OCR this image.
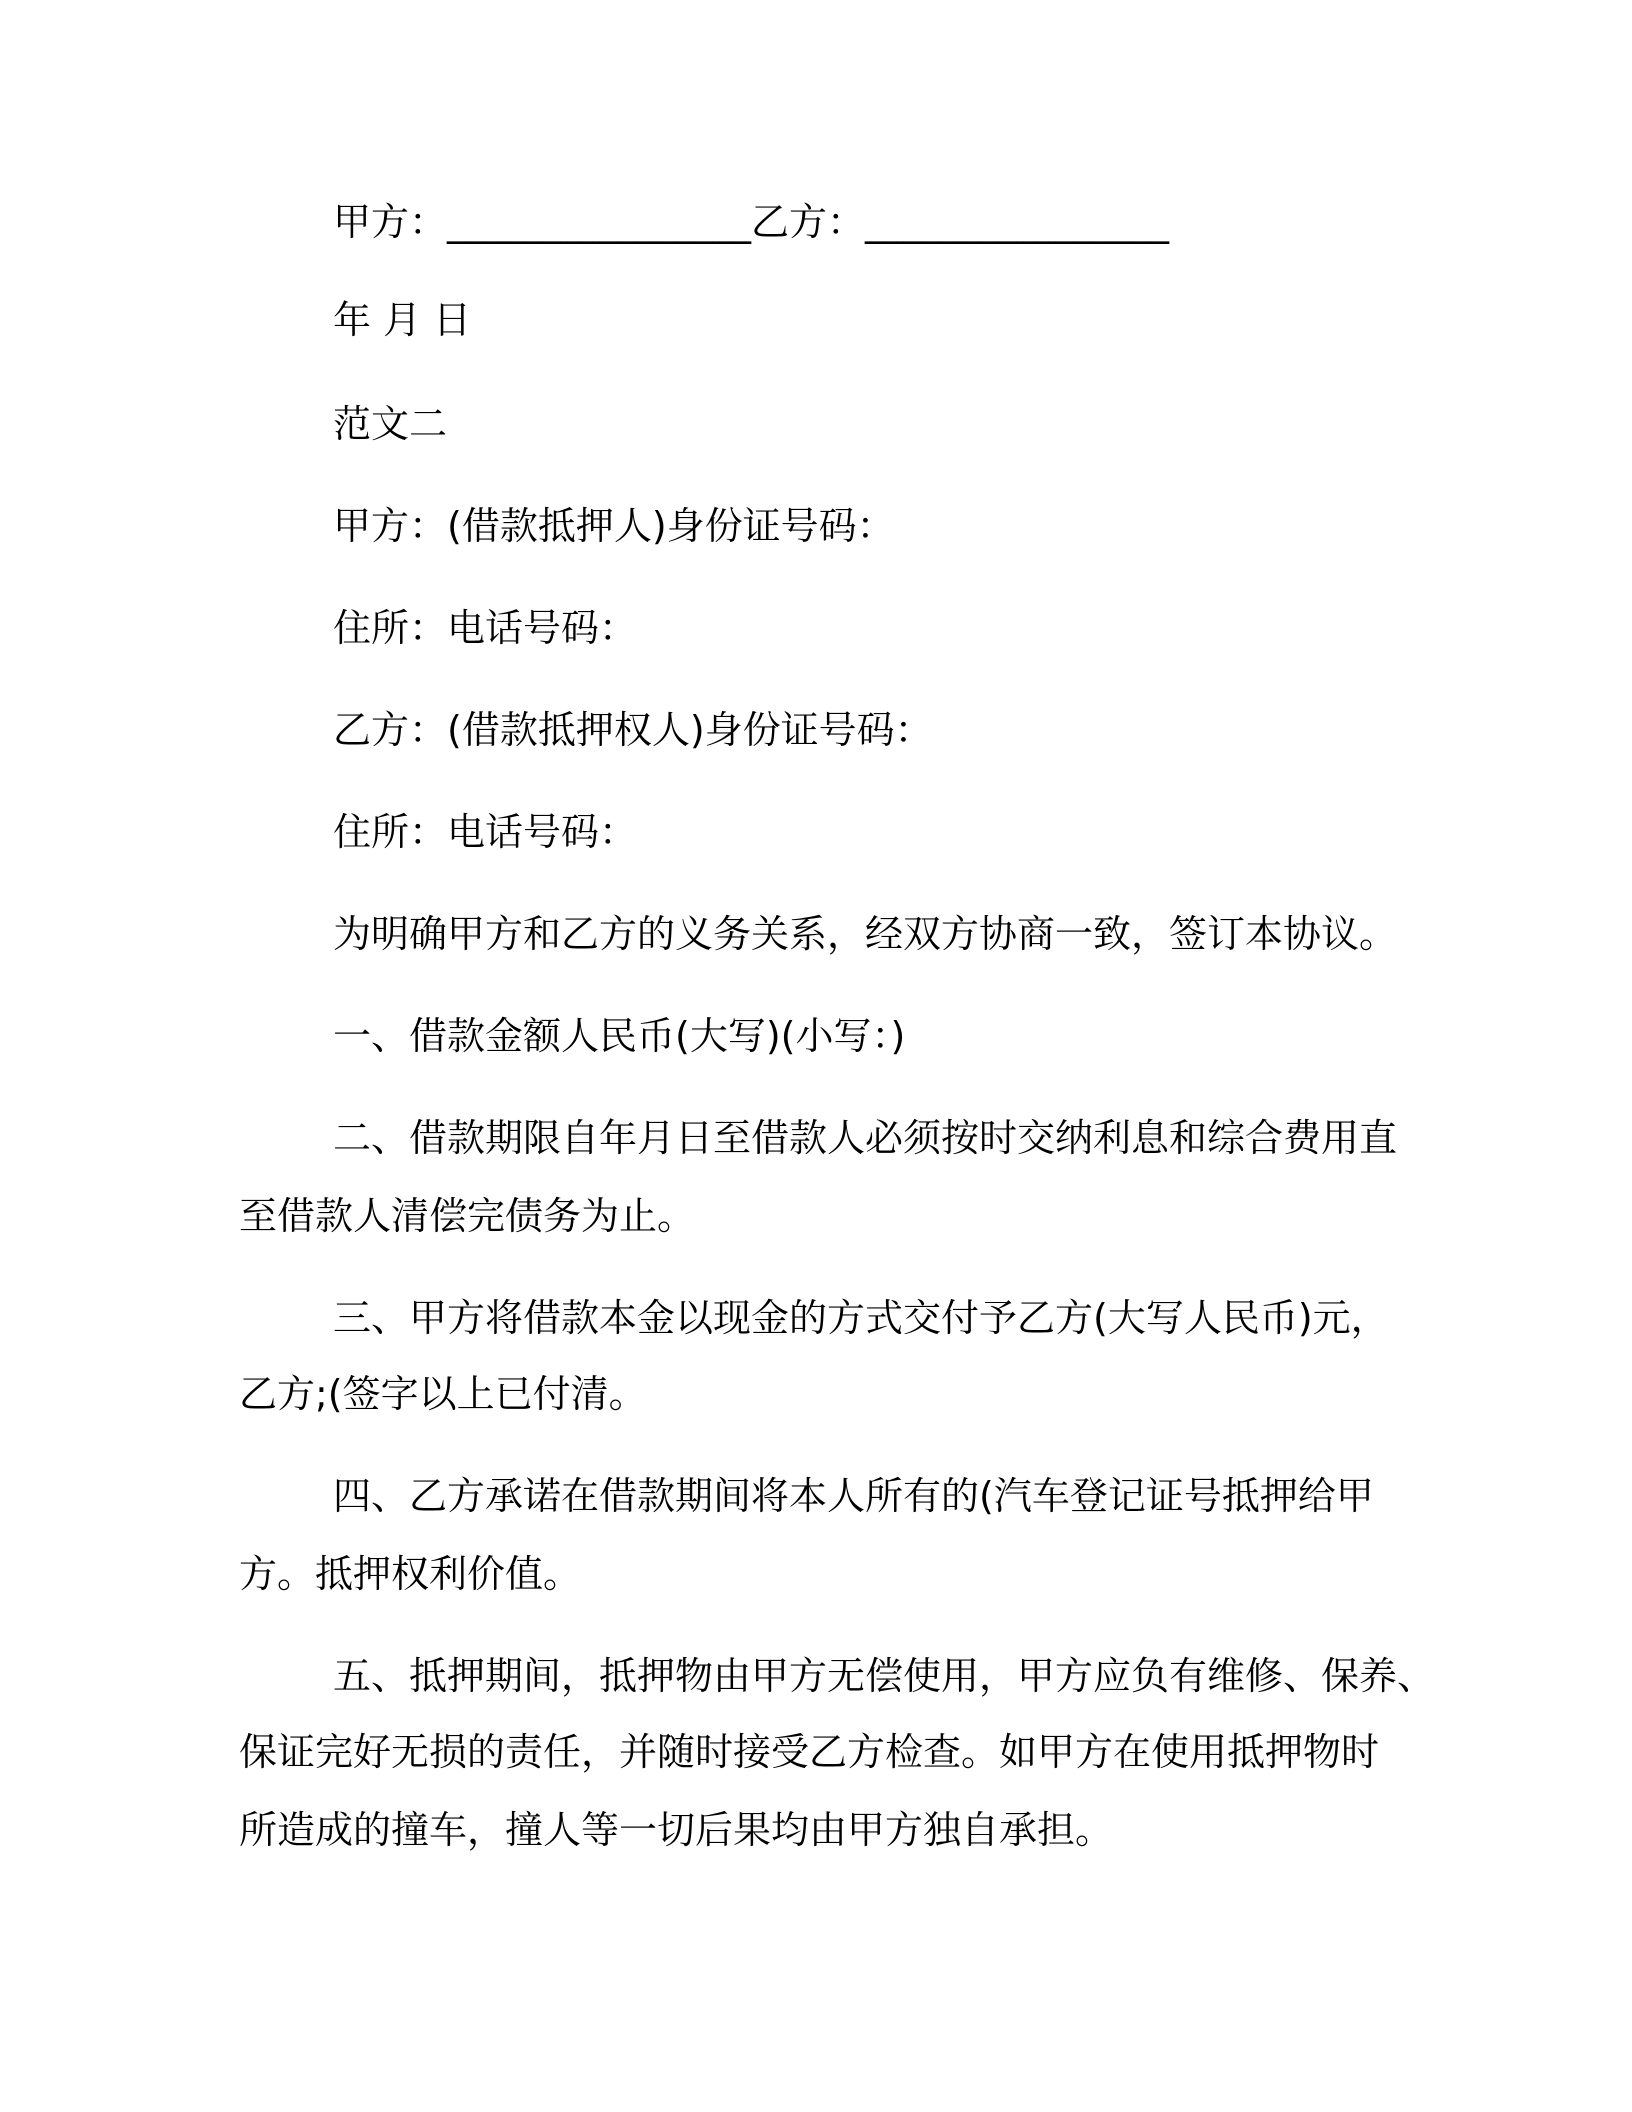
甲方：________________乙方：________________
年 月 日
范文二
甲方：(借款抵押人)身份证号码：
住所：电话号码：
乙方：(借款抵押权人)身份证号码：
住所：电话号码：
为明确甲方和乙方的义务关系，经双方协商一致，签订本协议。
一、借款金额人民币(大写)(小写：)
二、借款期限自年月日至借款人必须按时交纳利息和综合费用直
至借款人清偿完债务为止。
三、甲方将借款本金以现金的方式交付予乙方(大写人民币)元，
乙方;(签字以上已付清。
四、乙方承诺在借款期间将本人所有的(汽车登记证号抵押给甲
方。抵押权利价值。
五、抵押期间，抵押物由甲方无偿使用，甲方应负有维修、保养、
保证完好无损的责任，并随时接受乙方检查。如甲方在使用抵押物时
所造成的撞车，撞人等一切后果均由甲方独自承担。
